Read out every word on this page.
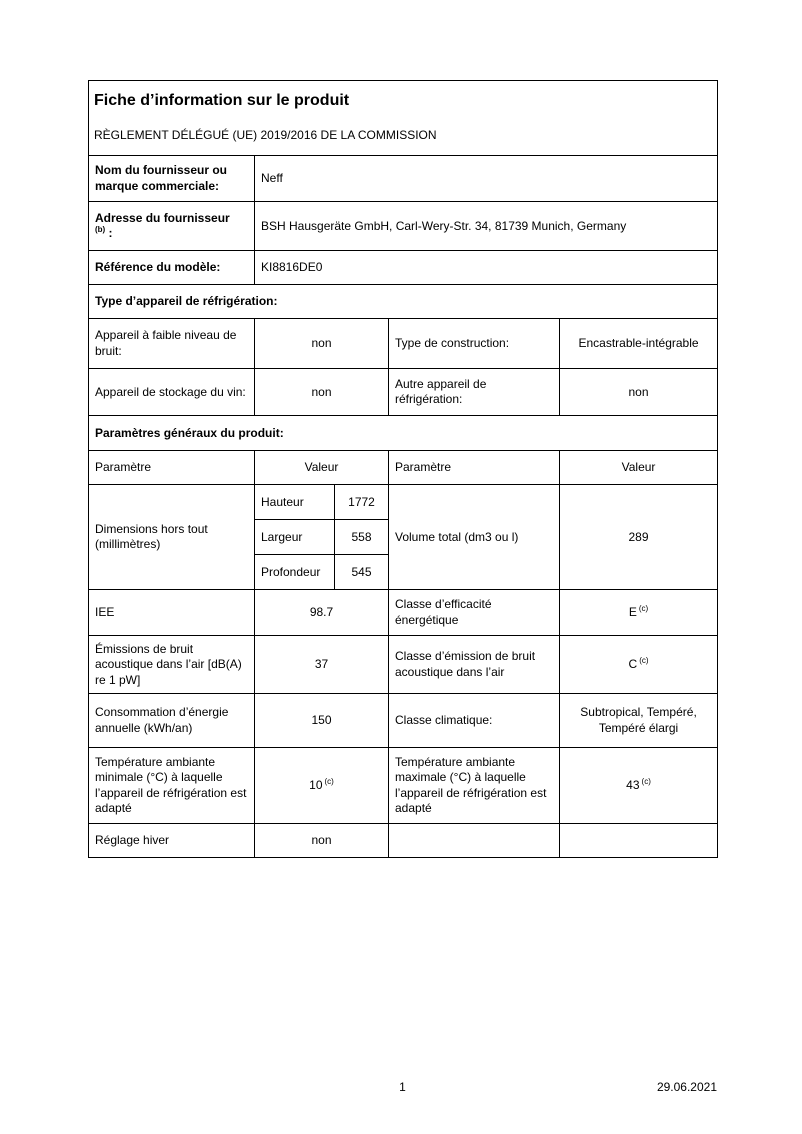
Fiche d’information sur le produit
RÈGLEMENT DÉLÉGUÉ (UE) 2019/2016 DE LA COMMISSION				

Nom du fournisseur ou marque commerciale:	Neff			
Adresse du fournisseur
$^{(b)}$ :	BSH Hausgeräte GmbH, Carl-Wery-Str. 34, 81739 Munich, Germany			
Référence du modèle:	KI8816DE0			
Type d’appareil de réfrigération:				
Appareil à faible niveau de bruit:	non		Type de construction:	Encastrable-intégrable
Appareil de stockage du vin:	non		Autre appareil de réfrigération:	non
Paramètres généraux du produit:				
Paramètre	Valeur		Paramètre	Valeur
Dimensions hors tout (millimètres)	Hauteur	1772	Volume total (dm3 ou l)	289
	Largeur	558		
	Profondeur	545		
IEE	98.7		Classe d’efficacité énergétique	E $^{(c)}$
Émissions de bruit acoustique dans l’air [dB(A) re 1 pW]	37		Classe d’émission de bruit acoustique dans l’air	C $^{(c)}$
Consommation d’énergie annuelle (kWh/an)	150		Classe climatique:	Subtropical, Tempéré, Tempéré élargi
Température ambiante minimale (°C) à laquelle l’appareil de réfrigération est adapté	10 $^{(c)}$		Température ambiante maximale (°C) à laquelle l’appareil de réfrigération est adapté	43 $^{(c)}$
Réglage hiver	non			
1	29.06.2021
